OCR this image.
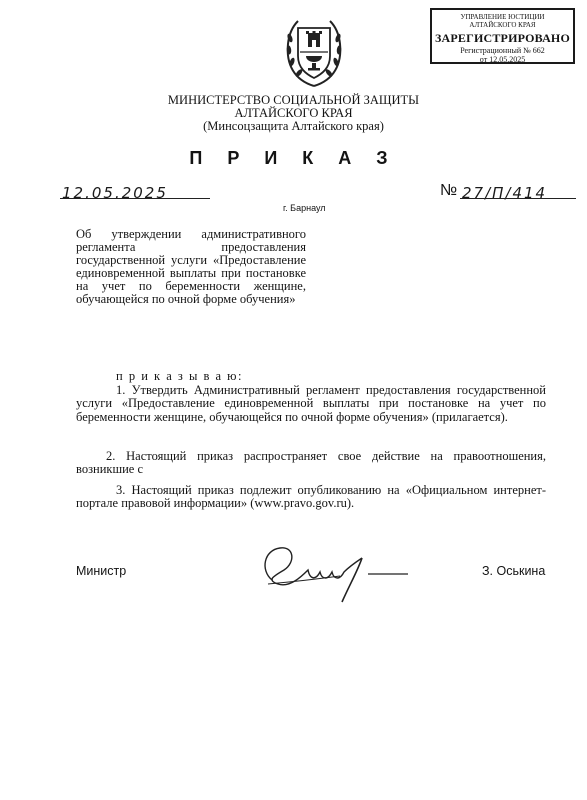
УПРАВЛЕНИЕ ЮСТИЦИИ
АЛТАЙСКОГО КРАЯ
ЗАРЕГИСТРИРОВАНО
Регистрационный № 662
от 12.05.2025
МИНИСТЕРСТВО СОЦИАЛЬНОЙ ЗАЩИТЫ
АЛТАЙСКОГО КРАЯ
(Минсоцзащита Алтайского края)
П Р И К А З
12.05.2025	№ 27/П/414
г. Барнаул
Об утверждении административного регламента предоставления государственной услуги «Предоставление единовременной выплаты при постановке на учет по беременности женщине, обучающейся по очной форме обучения»
п р и к а з ы в а ю:
1. Утвердить Административный регламент предоставления государственной услуги «Предоставление единовременной выплаты при постановке на учет по беременности женщине, обучающейся по очной форме обучения» (прилагается).
2. Настоящий приказ распространяет свое действие на правоотношения, возникшие с
3. Настоящий приказ подлежит опубликованию на «Официальном интернет-портале правовой информации» (www.pravo.gov.ru).
Министр	З. Оськина
